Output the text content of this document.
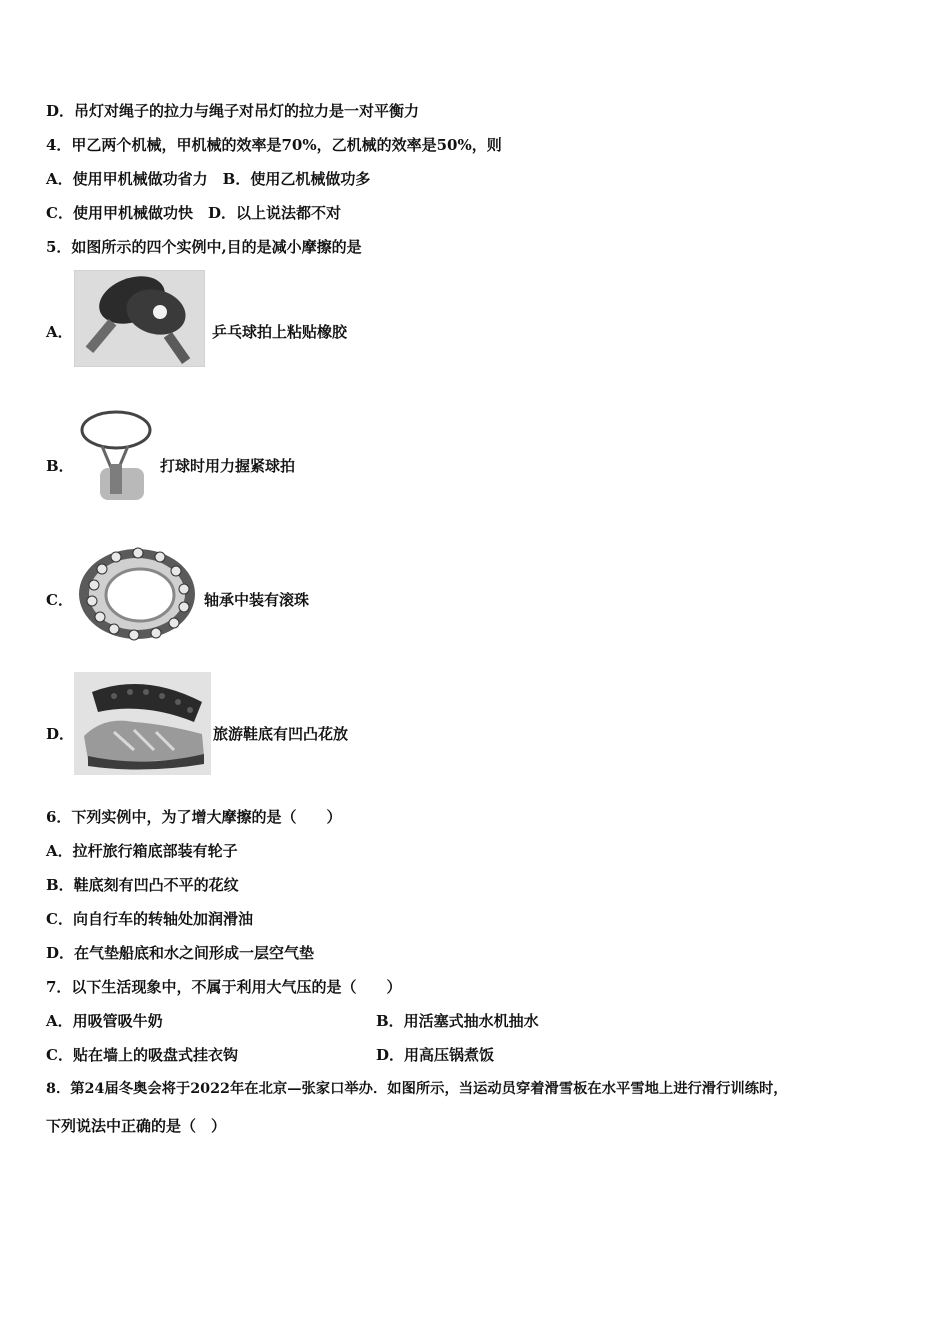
D．吊灯对绳子的拉力与绳子对吊灯的拉力是一对平衡力
4．甲乙两个机械，甲机械的效率是70%，乙机械的效率是50%，则
A．使用甲机械做功省力　B．使用乙机械做功多
C．使用甲机械做功快　D．以上说法都不对
5．如图所示的四个实例中,目的是减小摩擦的是
A．	乒乓球拍上粘贴橡胶
B．	打球时用力握紧球拍
C．	轴承中装有滚珠
D．	旅游鞋底有凹凸花放
6．下列实例中，为了增大摩擦的是（　　）
A．拉杆旅行箱底部装有轮子
B．鞋底刻有凹凸不平的花纹
C．向自行车的转轴处加润滑油
D．在气垫船底和水之间形成一层空气垫
7．以下生活现象中，不属于利用大气压的是（　　）
A．用吸管吸牛奶	B．用活塞式抽水机抽水
C．贴在墙上的吸盘式挂衣钩	D．用高压锅煮饭
8．第24届冬奥会将于2022年在北京—张家口举办．如图所示，当运动员穿着滑雪板在水平雪地上进行滑行训练时，
下列说法中正确的是（　）
